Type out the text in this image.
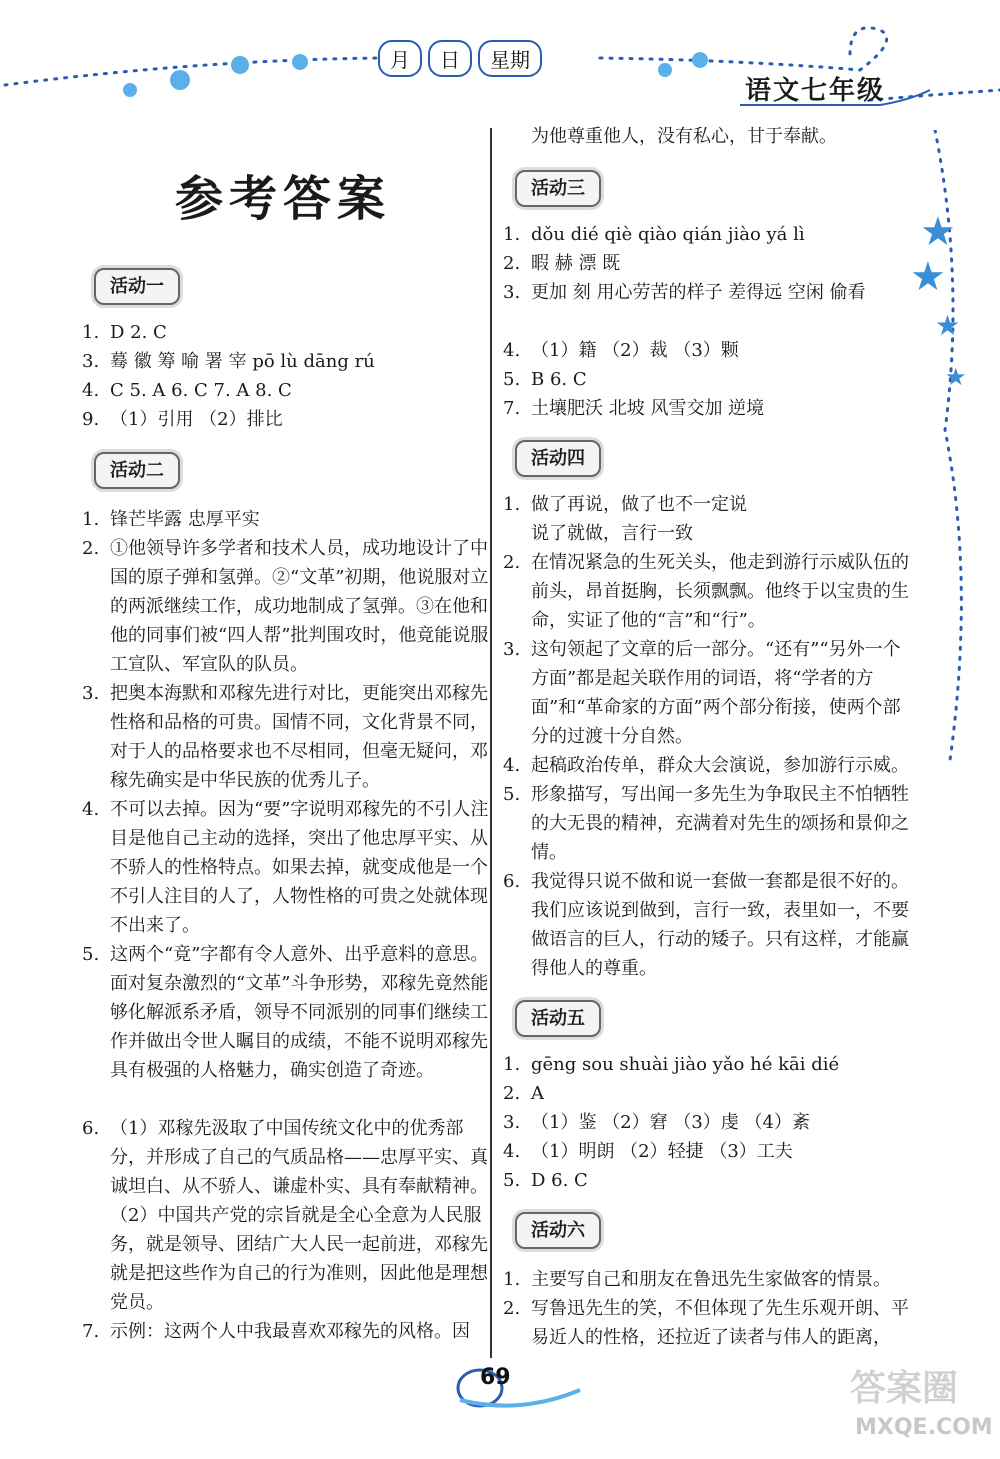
月	日	星期
语文七年级
★
★
★
★
参考答案
活动一
1. D 2. C
3. 蓦 徽 筹 喻 署 宰 pō lù dāng rú
4. C 5. A 6. C 7. A 8. C
9. （1）引用 （2）排比
活动二
1. 锋芒毕露 忠厚平实
2. ①他领导许多学者和技术人员，成功地设计了中国的原子弹和氢弹。②“文革”初期，他说服对立的两派继续工作，成功地制成了氢弹。③在他和他的同事们被“四人帮”批判围攻时，他竟能说服工宣队、军宣队的队员。
3. 把奥本海默和邓稼先进行对比，更能突出邓稼先性格和品格的可贵。国情不同，文化背景不同，对于人的品格要求也不尽相同，但毫无疑问，邓稼先确实是中华民族的优秀儿子。
4. 不可以去掉。因为“要”字说明邓稼先的不引人注目是他自己主动的选择，突出了他忠厚平实、从不骄人的性格特点。如果去掉，就变成他是一个不引人注目的人了，人物性格的可贵之处就体现不出来了。
5. 这两个“竟”字都有令人意外、出乎意料的意思。面对复杂激烈的“文革”斗争形势，邓稼先竟然能够化解派系矛盾，领导不同派别的同事们继续工作并做出令世人瞩目的成绩，不能不说明邓稼先具有极强的人格魅力，确实创造了奇迹。
6. （1）邓稼先汲取了中国传统文化中的优秀部分，并形成了自己的气质品格——忠厚平实、真诚坦白、从不骄人、谦虚朴实、具有奉献精神。
（2）中国共产党的宗旨就是全心全意为人民服务，就是领导、团结广大人民一起前进，邓稼先就是把这些作为自己的行为准则，因此他是理想党员。
7. 示例：这两个人中我最喜欢邓稼先的风格。因
为他尊重他人，没有私心，甘于奉献。
活动三
1. dǒu dié qiè qiào qián jiào yá lì
2. 暇 赫 漂 既
3. 更加 刻 用心劳苦的样子 差得远 空闲 偷看
4. （1）籍 （2）裁 （3）颗
5. B 6. C
7. 土壤肥沃 北坡 风雪交加 逆境
活动四
1. 做了再说，做了也不一定说
说了就做，言行一致
2. 在情况紧急的生死关头，他走到游行示威队伍的前头，昂首挺胸，长须飘飘。他终于以宝贵的生命，实证了他的“言”和“行”。
3. 这句领起了文章的后一部分。“还有”“另外一个方面”都是起关联作用的词语，将“学者的方面”和“革命家的方面”两个部分衔接，使两个部分的过渡十分自然。
4. 起稿政治传单，群众大会演说，参加游行示威。
5. 形象描写，写出闻一多先生为争取民主不怕牺牲的大无畏的精神，充满着对先生的颂扬和景仰之情。
6. 我觉得只说不做和说一套做一套都是很不好的。我们应该说到做到，言行一致，表里如一，不要做语言的巨人，行动的矮子。只有这样，才能赢得他人的尊重。
活动五
1. gēng sou shuài jiào yǎo hé kāi dié
2. A
3. （1）鉴 （2）窘 （3）虔 （4）紊
4. （1）明朗 （2）轻捷 （3）工夫
5. D 6. C
活动六
1. 主要写自己和朋友在鲁迅先生家做客的情景。
2. 写鲁迅先生的笑，不但体现了先生乐观开朗、平易近人的性格，还拉近了读者与伟人的距离，
69	答案圈
MXQE.COM
